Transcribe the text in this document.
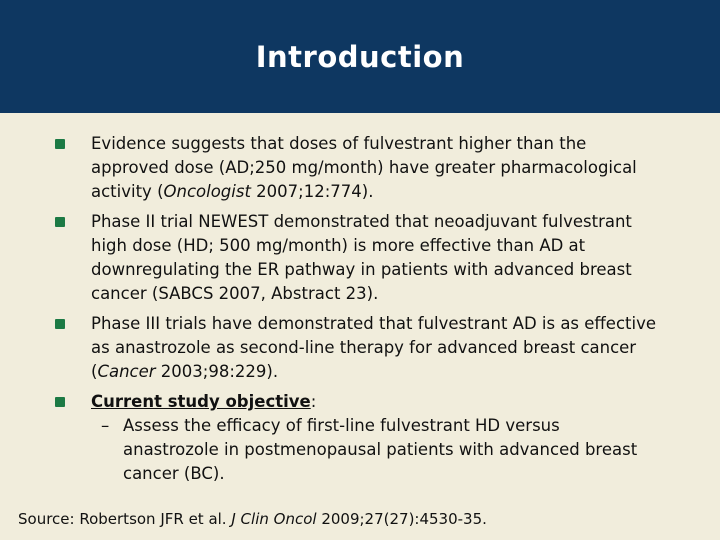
Introduction
Evidence suggests that doses of fulvestrant higher than the approved dose (AD;250 mg/month) have greater pharmacological activity (Oncologist 2007;12:774).
Phase II trial NEWEST demonstrated that neoadjuvant fulvestrant high dose (HD; 500 mg/month) is more effective than AD at downregulating the ER pathway in patients with advanced breast cancer (SABCS 2007, Abstract 23).
Phase III trials have demonstrated that fulvestrant AD is as effective as anastrozole as second-line therapy for advanced breast cancer (Cancer 2003;98:229).
Current study objective:
– Assess the efficacy of first-line fulvestrant HD versus anastrozole in postmenopausal patients with advanced breast cancer (BC).
Source: Robertson JFR et al. J Clin Oncol 2009;27(27):4530-35.
